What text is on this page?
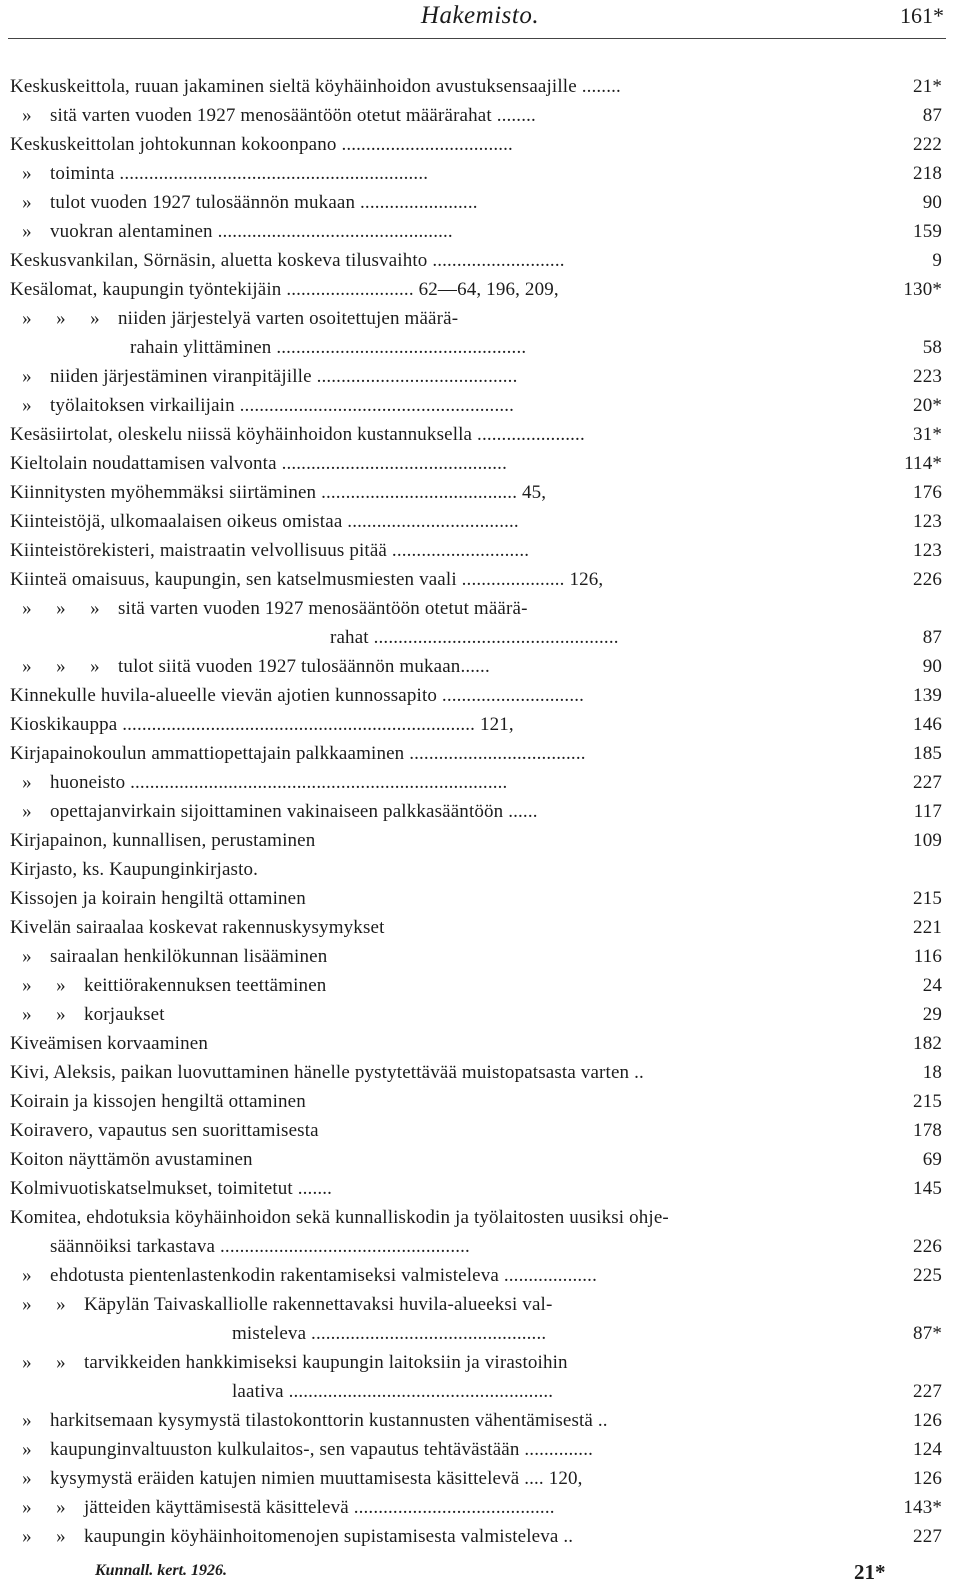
Hakemisto.	161*
Keskuskeittola, ruuan jakaminen sieltä köyhäinhoidon avustuksensaajille ........	21*
» sitä varten vuoden 1927 menosääntöön otetut määrärahat ........	87
Keskuskeittolan johtokunnan kokoonpano ...................................	222
» toiminta ...............................................................	218
» tulot vuoden 1927 tulosäännön mukaan ........................	90
» vuokran alentaminen ................................................	159
Keskusvankilan, Sörnäsin, aluetta koskeva tilusvaihto ...........................	9
Kesälomat, kaupungin työntekijäin .......................... 62—64, 196, 209,	130*
» » » niiden järjestelyä varten osoitettujen määrä-
rahain ylittäminen ...................................................	58
» niiden järjestäminen viranpitäjille .........................................	223
» työlaitoksen virkailijain ........................................................	20*
Kesäsiirtolat, oleskelu niissä köyhäinhoidon kustannuksella ......................	31*
Kieltolain noudattamisen valvonta ..............................................	114*
Kiinnitysten myöhemmäksi siirtäminen ........................................ 45,	176
Kiinteistöjä, ulkomaalaisen oikeus omistaa ...................................	123
Kiinteistörekisteri, maistraatin velvollisuus pitää ............................	123
Kiinteä omaisuus, kaupungin, sen katselmusmiesten vaali ..................... 126,	226
» » » sitä varten vuoden 1927 menosääntöön otetut määrä-
rahat ..................................................	87
» » » tulot siitä vuoden 1927 tulosäännön mukaan......	90
Kinnekulle huvila-alueelle vievän ajotien kunnossapito .............................	139
Kioskikauppa ........................................................................ 121,	146
Kirjapainokoulun ammattiopettajain palkkaaminen ....................................	185
» huoneisto .............................................................................	227
» opettajanvirkain sijoittaminen vakinaiseen palkkasääntöön ......	117
Kirjapainon, kunnallisen, perustaminen	109
Kirjasto, ks. Kaupunginkirjasto.
Kissojen ja koirain hengiltä ottaminen	215
Kivelän sairaalaa koskevat rakennuskysymykset	221
» sairaalan henkilökunnan lisääminen	116
» » keittiörakennuksen teettäminen	24
» » korjaukset	29
Kiveämisen korvaaminen	182
Kivi, Aleksis, paikan luovuttaminen hänelle pystytettävää muistopatsasta varten ..	18
Koirain ja kissojen hengiltä ottaminen	215
Koiravero, vapautus sen suorittamisesta	178
Koiton näyttämön avustaminen	69
Kolmivuotiskatselmukset, toimitetut .......	145
Komitea, ehdotuksia köyhäinhoidon sekä kunnalliskodin ja työlaitosten uusiksi ohje-
säännöiksi tarkastava ...................................................	226
» ehdotusta pientenlastenkodin rakentamiseksi valmisteleva ...................	225
» » Käpylän Taivaskalliolle rakennettavaksi huvila-alueeksi val-
misteleva ................................................	87*
» » tarvikkeiden hankkimiseksi kaupungin laitoksiin ja virastoihin
laativa ......................................................	227
» harkitsemaan kysymystä tilastokonttorin kustannusten vähentämisestä ..	126
» kaupunginvaltuuston kulkulaitos-, sen vapautus tehtävästään ..............	124
» kysymystä eräiden katujen nimien muuttamisesta käsittelevä .... 120,	126
» » jätteiden käyttämisestä käsittelevä .........................................	143*
» » kaupungin köyhäinhoitomenojen supistamisesta valmisteleva ..	227
Kunnall. kert. 1926.	21*
